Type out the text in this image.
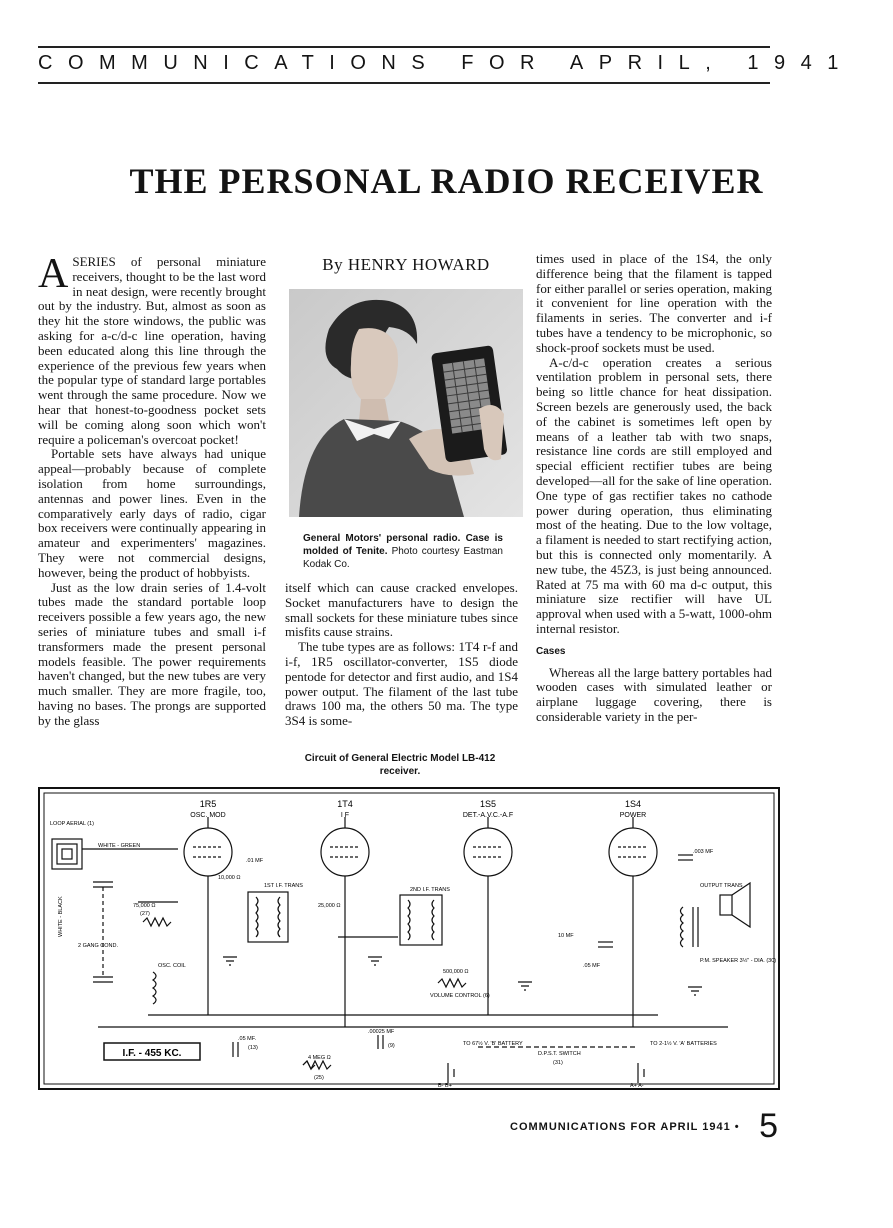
COMMUNICATIONS FOR APRIL, 1941
THE PERSONAL RADIO RECEIVER

ASERIES of personal miniature receivers, thought to be the last word in neat design, were recently brought out by the industry. But, almost as soon as they hit the store windows, the public was asking for a-c/d-c line operation, having been educated along this line through the experience of the previous few years when the popular type of standard large portables went through the same procedure. Now we hear that honest-to-goodness pocket sets will be coming along soon which won't require a policeman's overcoat pocket!

Portable sets have always had unique appeal—probably because of complete isolation from home surroundings, antennas and power lines. Even in the comparatively early days of radio, cigar box receivers were continually appearing in amateur and experimenters' magazines. They were not commercial designs, however, being the product of hobbyists.

Just as the low drain series of 1.4-volt tubes made the standard portable loop receivers possible a few years ago, the new series of miniature tubes and small i-f transformers made the present personal models feasible. The power requirements haven't changed, but the new tubes are very much smaller. They are more fragile, too, having no bases. The prongs are supported by the glass

By HENRY HOWARD
General Motors' personal radio. Case is molded of Tenite. Photo courtesy Eastman Kodak Co.

itself which can cause cracked envelopes. Socket manufacturers have to design the small sockets for these miniature tubes since misfits cause strains.

The tube types are as follows: 1T4 r-f and i-f, 1R5 oscillator-converter, 1S5 diode pentode for detector and first audio, and 1S4 power output. The filament of the last tube draws 100 ma, the others 50 ma. The type 3S4 is some-

Circuit of General Electric Model LB-412 receiver.

times used in place of the 1S4, the only difference being that the filament is tapped for either parallel or series operation, making it convenient for line operation with the filaments in series. The converter and i-f tubes have a tendency to be microphonic, so shock-proof sockets must be used.

A-c/d-c operation creates a serious ventilation problem in personal sets, there being so little chance for heat dissipation. Screen bezels are generously used, the back of the cabinet is sometimes left open by means of a leather tab with two snaps, resistance line cords are still employed and special efficient rectifier tubes are being developed—all for the sake of line operation. One type of gas rectifier takes no cathode power during operation, thus eliminating most of the heating. Due to the low voltage, a filament is needed to start rectifying action, but this is connected only momentarily. A new tube, the 45Z3, is just being announced. Rated at 75 ma with 60 ma d-c output, this miniature size rectifier will have UL approval when used with a 5-watt, 1000-ohm internal resistor.

Cases

Whereas all the large battery portables had wooden cases with simulated leather or airplane luggage covering, there is considerable variety in the per-

I.F. - 455 KC.
1R5
OSC. MOD
1T4
I F
1S5
DET.-A.V.C.-A.F
1S4
POWER
LOOP AERIAL (1)
WHITE - GREEN
75,000 Ω
(27)
25,000 Ω
10,000 Ω
.01 MF
.05 MF
10 MF
.003 MF
OSC. COIL
2 GANG COND.
OUTPUT TRANS
1ST I.F. TRANS
2ND I.F. TRANS
500,000 Ω
VOLUME CONTROL (6)
P.M. SPEAKER 3½" - DIA. (30)
TO 67½ V. 'B' BATTERY	TO 2-1½ V. 'A' BATTERIES
D.P.S.T. SWITCH
(31)
B- B+	A+ A-
4 MEG Ω
(25)
.05 MF.
(13)
.00025 MF
(9)
WHITE - BLACK
COMMUNICATIONS FOR APRIL 1941 • 5
